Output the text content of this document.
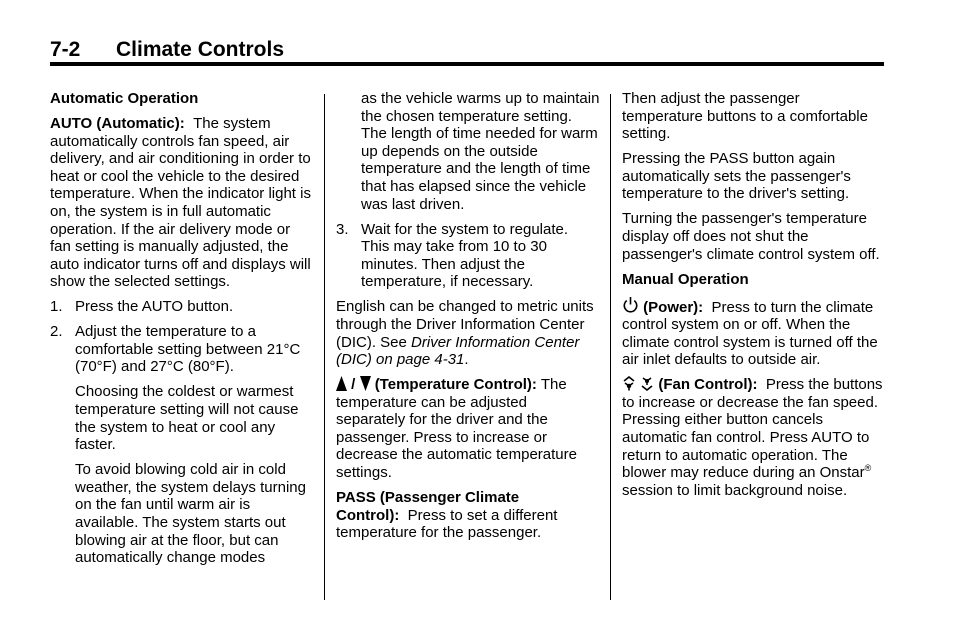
7-2 Climate Controls

Automatic Operation

AUTO (Automatic): The system automatically controls fan speed, air delivery, and air conditioning in order to heat or cool the vehicle to the desired temperature. When the indicator light is on, the system is in full automatic operation. If the air delivery mode or fan setting is manually adjusted, the auto indicator turns off and displays will show the selected settings.

1. Press the AUTO button.
2. Adjust the temperature to a comfortable setting between 21°C (70°F) and 27°C (80°F).

Choosing the coldest or warmest temperature setting will not cause the system to heat or cool any faster.

To avoid blowing cold air in cold weather, the system delays turning on the fan until warm air is available. The system starts out blowing air at the floor, but can automatically change modes

as the vehicle warms up to maintain the chosen temperature setting. The length of time needed for warm up depends on the outside temperature and the length of time that has elapsed since the vehicle was last driven.

3. Wait for the system to regulate. This may take from 10 to 30 minutes. Then adjust the temperature, if necessary.

English can be changed to metric units through the Driver Information Center (DIC). See Driver Information Center (DIC) on page 4-31.

/  (Temperature Control): The temperature can be adjusted separately for the driver and the passenger. Press to increase or decrease the automatic temperature settings.

PASS (Passenger Climate Control): Press to set a different temperature for the passenger.

Then adjust the passenger temperature buttons to a comfortable setting.

Pressing the PASS button again automatically sets the passenger's temperature to the driver's setting.

Turning the passenger's temperature display off does not shut the passenger's climate control system off.

Manual Operation

(Power): Press to turn the climate control system on or off. When the climate control system is turned off the air inlet defaults to outside air.

(Fan Control): Press the buttons to increase or decrease the fan speed. Pressing either button cancels automatic fan control. Press AUTO to return to automatic operation. The blower may reduce during an Onstar® session to limit background noise.
